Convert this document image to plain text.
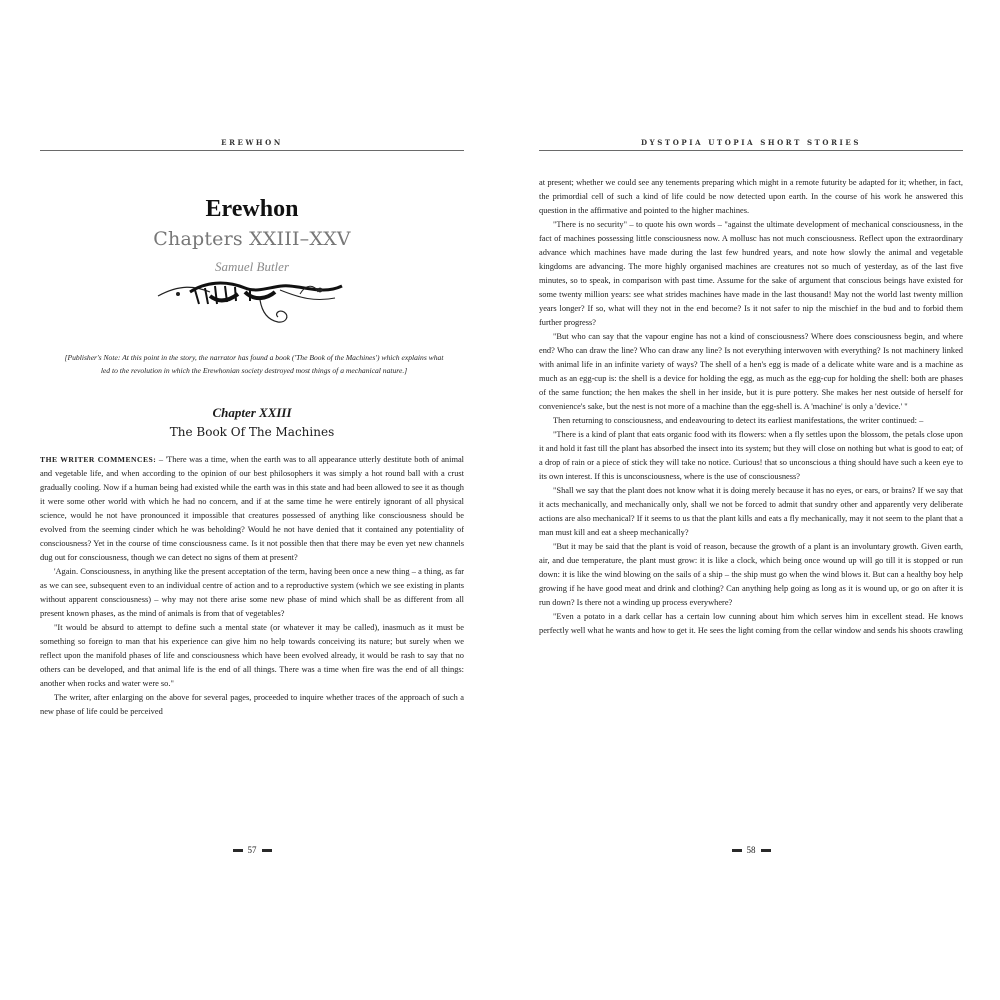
EREWHON
Erewhon
Chapters XXIII–XXV
Samuel Butler
[Publisher's Note: At this point in the story, the narrator has found a book ('The Book of the Machines') which explains what led to the revolution in which the Erewhonian society destroyed most things of a mechanical nature.]
Chapter XXIII
The Book Of The Machines

THE WRITER COMMENCES: – 'There was a time, when the earth was to all appearance utterly destitute both of animal and vegetable life, and when according to the opinion of our best philosophers it was simply a hot round ball with a crust gradually cooling. Now if a human being had existed while the earth was in this state and had been allowed to see it as though it were some other world with which he had no concern, and if at the same time he were entirely ignorant of all physical science, would he not have pronounced it impossible that creatures possessed of anything like consciousness should be evolved from the seeming cinder which he was beholding? Would he not have denied that it contained any potentiality of consciousness? Yet in the course of time consciousness came. Is it not possible then that there may be even yet new channels dug out for consciousness, though we can detect no signs of them at present?

'Again. Consciousness, in anything like the present acceptation of the term, having been once a new thing – a thing, as far as we can see, subsequent even to an individual centre of action and to a reproductive system (which we see existing in plants without apparent consciousness) – why may not there arise some new phase of mind which shall be as different from all present known phases, as the mind of animals is from that of vegetables?

"It would be absurd to attempt to define such a mental state (or whatever it may be called), inasmuch as it must be something so foreign to man that his experience can give him no help towards conceiving its nature; but surely when we reflect upon the manifold phases of life and consciousness which have been evolved already, it would be rash to say that no others can be developed, and that animal life is the end of all things. There was a time when fire was the end of all things: another when rocks and water were so."

The writer, after enlarging on the above for several pages, proceeded to inquire whether traces of the approach of such a new phase of life could be perceived

57
DYSTOPIA UTOPIA SHORT STORIES

at present; whether we could see any tenements preparing which might in a remote futurity be adapted for it; whether, in fact, the primordial cell of such a kind of life could be now detected upon earth. In the course of his work he answered this question in the affirmative and pointed to the higher machines.

"There is no security" – to quote his own words – "against the ultimate development of mechanical consciousness, in the fact of machines possessing little consciousness now. A mollusc has not much consciousness. Reflect upon the extraordinary advance which machines have made during the last few hundred years, and note how slowly the animal and vegetable kingdoms are advancing. The more highly organised machines are creatures not so much of yesterday, as of the last five minutes, so to speak, in comparison with past time. Assume for the sake of argument that conscious beings have existed for some twenty million years: see what strides machines have made in the last thousand! May not the world last twenty million years longer? If so, what will they not in the end become? Is it not safer to nip the mischief in the bud and to forbid them further progress?

"But who can say that the vapour engine has not a kind of consciousness? Where does consciousness begin, and where end? Who can draw the line? Who can draw any line? Is not everything interwoven with everything? Is not machinery linked with animal life in an infinite variety of ways? The shell of a hen's egg is made of a delicate white ware and is a machine as much as an egg-cup is: the shell is a device for holding the egg, as much as the egg-cup for holding the shell: both are phases of the same function; the hen makes the shell in her inside, but it is pure pottery. She makes her nest outside of herself for convenience's sake, but the nest is not more of a machine than the egg-shell is. A 'machine' is only a 'device.' "

Then returning to consciousness, and endeavouring to detect its earliest manifestations, the writer continued: –

"There is a kind of plant that eats organic food with its flowers: when a fly settles upon the blossom, the petals close upon it and hold it fast till the plant has absorbed the insect into its system; but they will close on nothing but what is good to eat; of a drop of rain or a piece of stick they will take no notice. Curious! that so unconscious a thing should have such a keen eye to its own interest. If this is unconsciousness, where is the use of consciousness?

"Shall we say that the plant does not know what it is doing merely because it has no eyes, or ears, or brains? If we say that it acts mechanically, and mechanically only, shall we not be forced to admit that sundry other and apparently very deliberate actions are also mechanical? If it seems to us that the plant kills and eats a fly mechanically, may it not seem to the plant that a man must kill and eat a sheep mechanically?

"But it may be said that the plant is void of reason, because the growth of a plant is an involuntary growth. Given earth, air, and due temperature, the plant must grow: it is like a clock, which being once wound up will go till it is stopped or run down: it is like the wind blowing on the sails of a ship – the ship must go when the wind blows it. But can a healthy boy help growing if he have good meat and drink and clothing? Can anything help going as long as it is wound up, or go on after it is run down? Is there not a winding up process everywhere?

"Even a potato in a dark cellar has a certain low cunning about him which serves him in excellent stead. He knows perfectly well what he wants and how to get it. He sees the light coming from the cellar window and sends his shoots crawling

58
